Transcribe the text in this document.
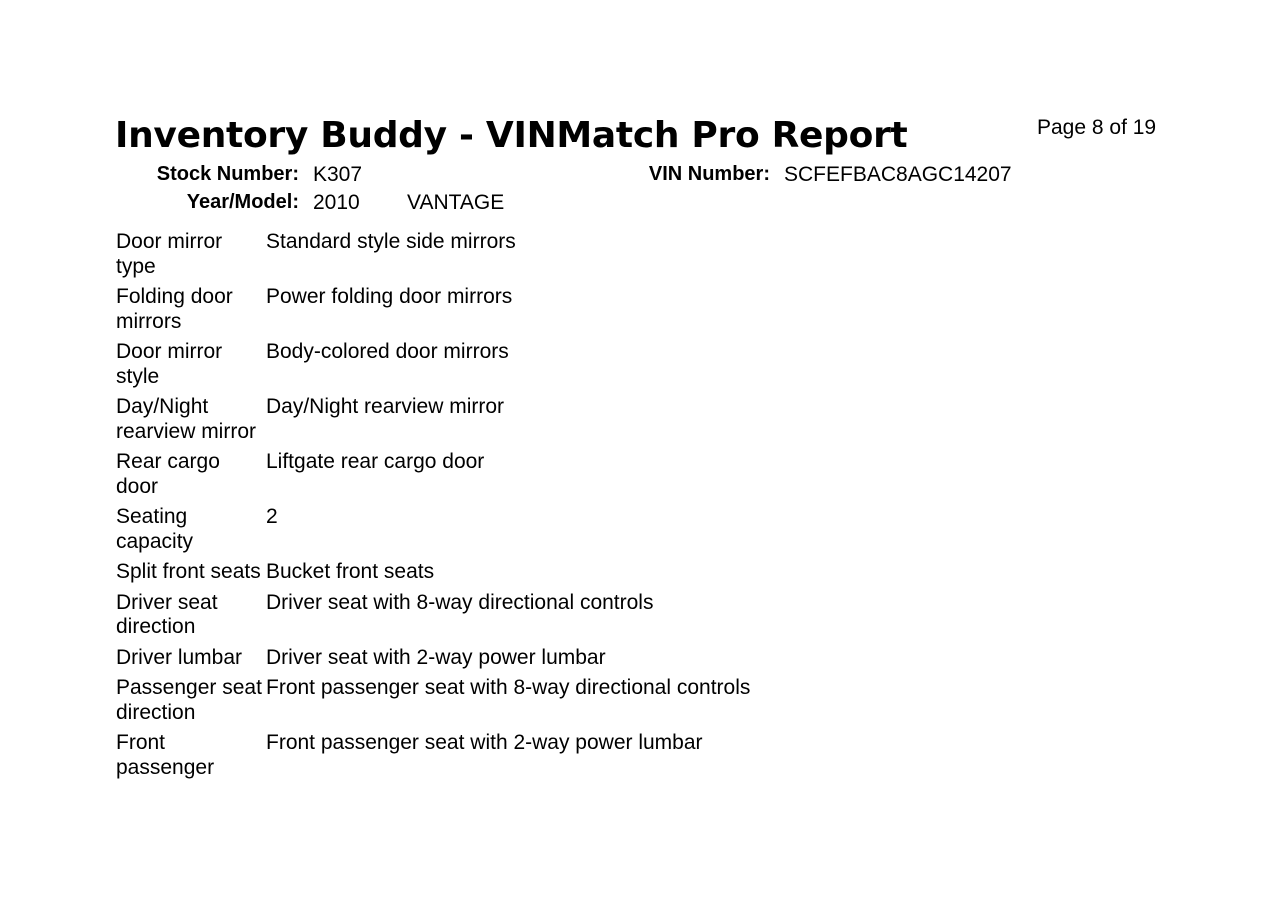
Inventory Buddy - VINMatch Pro Report	Page 8 of 19
Stock Number: K307	VIN Number: SCFEFBAC8AGC14207
Year/Model: 2010 VANTAGE
Door mirror type	Standard style side mirrors
Folding door mirrors	Power folding door mirrors
Door mirror style	Body-colored door mirrors
Day/Night rearview mirror	Day/Night rearview mirror
Rear cargo door	Liftgate rear cargo door
Seating capacity	2
Split front seats	Bucket front seats
Driver seat direction	Driver seat with 8-way directional controls
Driver lumbar	Driver seat with 2-way power lumbar
Passenger seat direction	Front passenger seat with 8-way directional controls
Front passenger	Front passenger seat with 2-way power lumbar
